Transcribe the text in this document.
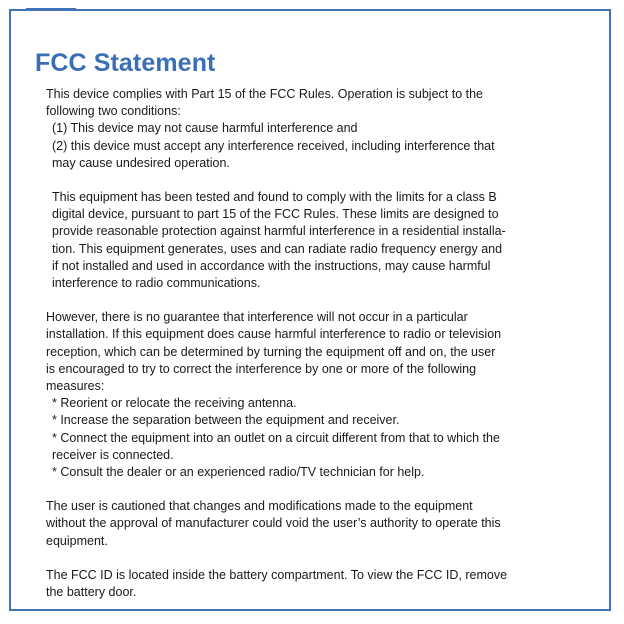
FCC Statement

This device complies with Part 15 of the FCC Rules. Operation is subject to the

following two conditions:

(1) This device may not cause harmful interference and

(2) this device must accept any interference received, including interference that

may cause undesired operation.

This equipment has been tested and found to comply with the limits for a class B

digital device, pursuant to part 15 of the FCC Rules. These limits are designed to

provide reasonable protection against harmful interference in a residential installa-

tion. This equipment generates, uses and can radiate radio frequency energy and

if not installed and used in accordance with the instructions, may cause harmful

interference to radio communications.

However, there is no guarantee that interference will not occur in a particular

installation. If this equipment does cause harmful interference to radio or television

reception, which can be determined by turning the equipment off and on, the user

is encouraged to try to correct the interference by one or more of the following

measures:

* Reorient or relocate the receiving antenna.

* Increase the separation between the equipment and receiver.

* Connect the equipment into an outlet on a circuit different from that to which the

receiver is connected.

* Consult the dealer or an experienced radio/TV technician for help.

The user is cautioned that changes and modifications made to the equipment

without the approval of manufacturer could void the user’s authority to operate this

equipment.

The FCC ID is located inside the battery compartment. To view the FCC ID, remove

the battery door.
